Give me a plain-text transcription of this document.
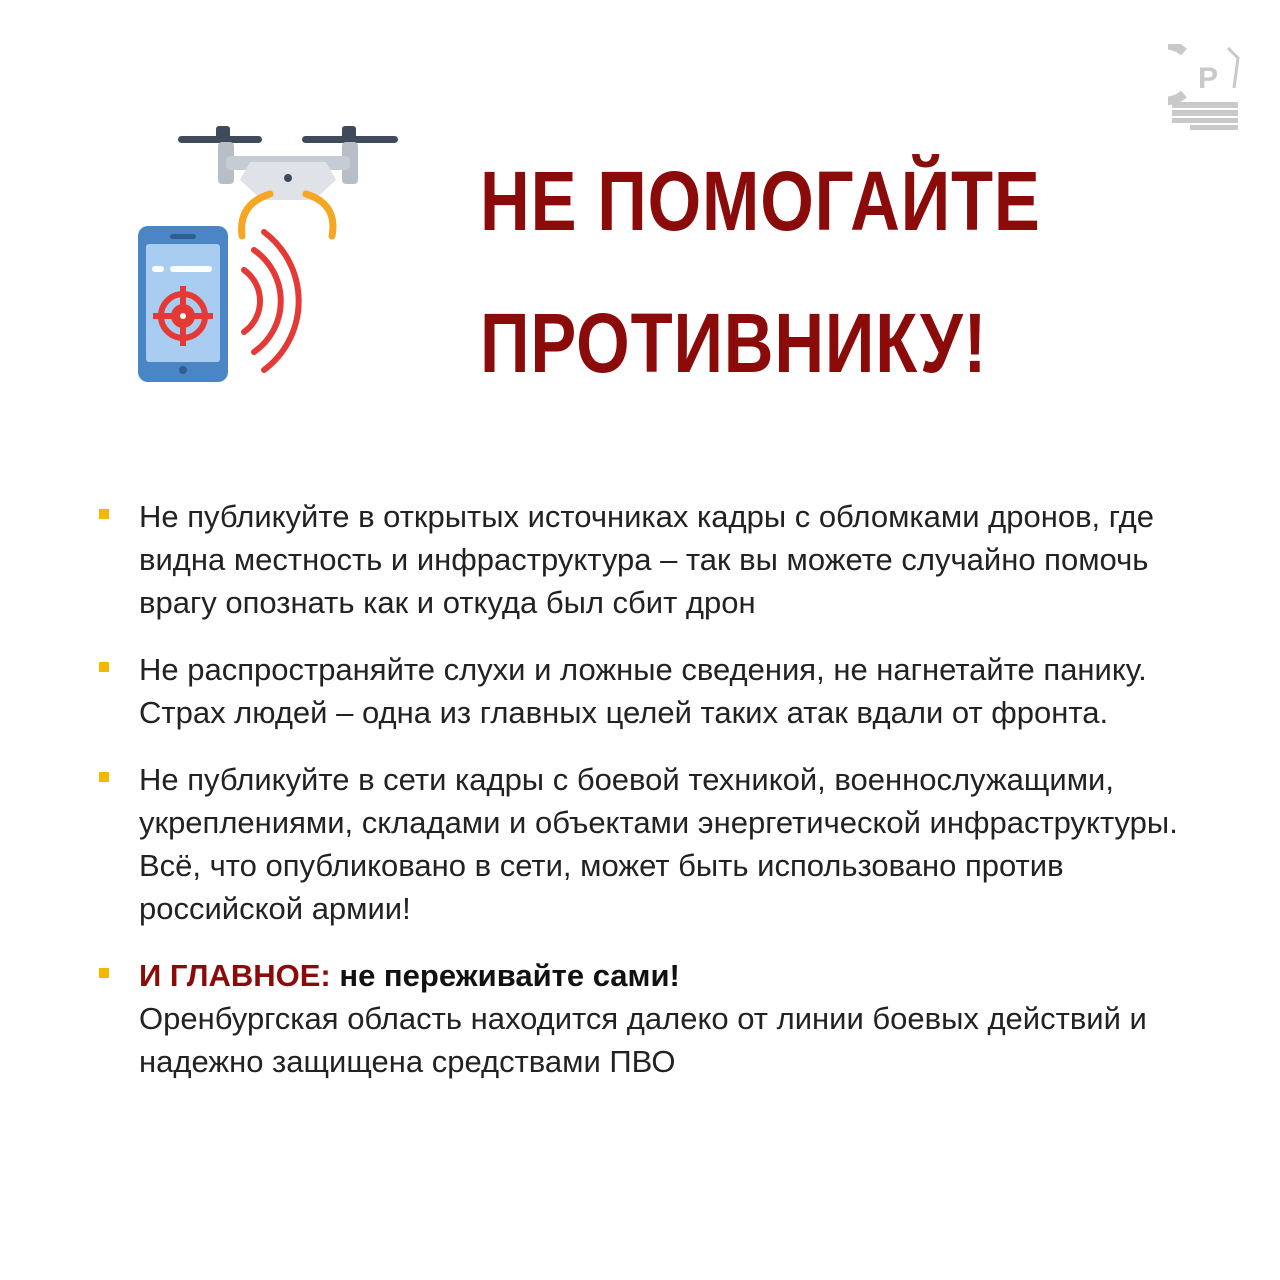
P
НЕ ПОМОГАЙТЕ
ПРОТИВНИКУ!
Не публикуйте в открытых источниках кадры с обломками дронов, где видна местность и инфраструктура – так вы можете случайно помочь врагу опознать как и откуда был сбит дрон
Не распространяйте слухи и ложные сведения, не нагнетайте панику. Страх людей – одна из главных целей таких атак вдали от фронта.
Не публикуйте в сети кадры с боевой техникой, военнослужащими, укреплениями, складами и объектами энергетической инфраструктуры. Всё, что опубликовано в сети, может быть использовано против российской армии!
И ГЛАВНОЕ: не переживайте сами!
Оренбургская область находится далеко от линии боевых действий и надежно защищена средствами ПВО
